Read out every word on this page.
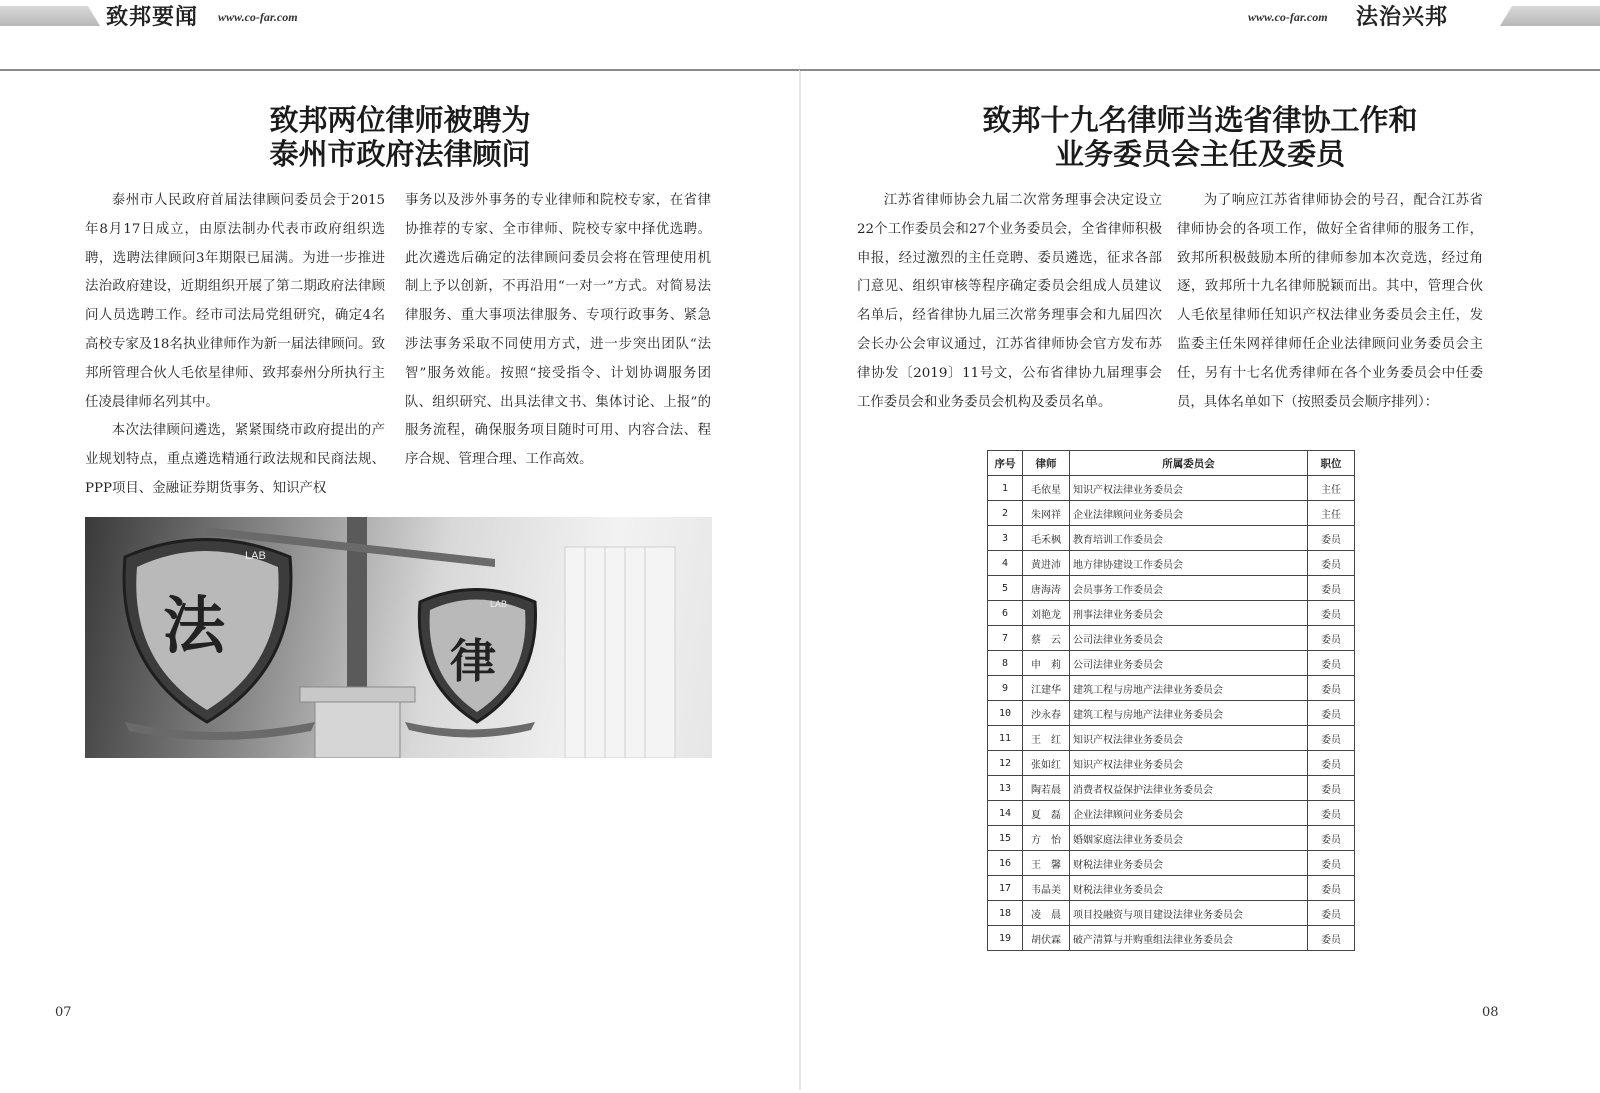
致邦要闻 www.co-far.com
致邦两位律师被聘为
泰州市政府法律顾问

泰州市人民政府首届法律顾问委员会于2015年8月17日成立，由原法制办代表市政府组织选聘，选聘法律顾问3年期限已届满。为进一步推进法治政府建设，近期组织开展了第二期政府法律顾问人员选聘工作。经市司法局党组研究，确定4名高校专家及18名执业律师作为新一届法律顾问。致邦所管理合伙人毛依星律师、致邦泰州分所执行主任凌晨律师名列其中。

本次法律顾问遴选，紧紧围绕市政府提出的产业规划特点，重点遴选精通行政法规和民商法规、PPP项目、金融证券期货事务、知识产权

事务以及涉外事务的专业律师和院校专家，在省律协推荐的专家、全市律师、院校专家中择优选聘。此次遴选后确定的法律顾问委员会将在管理使用机制上予以创新，不再沿用“一对一”方式。对简易法律服务、重大事项法律服务、专项行政事务、紧急涉法事务采取不同使用方式，进一步突出团队“法智”服务效能。按照“接受指令、计划协调服务团队、组织研究、出具法律文书、集体讨论、上报”的服务流程，确保服务项目随时可用、内容合法、程序合规、管理合理、工作高效。

LAB
法	LAB
律
07
www.co-far.com 法治兴邦
致邦十九名律师当选省律协工作和
业务委员会主任及委员

江苏省律师协会九届二次常务理事会决定设立22个工作委员会和27个业务委员会，全省律师积极申报，经过激烈的主任竞聘、委员遴选，征求各部门意见、组织审核等程序确定委员会组成人员建议名单后，经省律协九届三次常务理事会和九届四次会长办公会审议通过，江苏省律师协会官方发布苏律协发〔2019〕11号文，公布省律协九届理事会工作委员会和业务委员会机构及委员名单。

为了响应江苏省律师协会的号召，配合江苏省律师协会的各项工作，做好全省律师的服务工作，致邦所积极鼓励本所的律师参加本次竞选，经过角逐，致邦所十九名律师脱颖而出。其中，管理合伙人毛依星律师任知识产权法律业务委员会主任，发监委主任朱网祥律师任企业法律顾问业务委员会主任，另有十七名优秀律师在各个业务委员会中任委员，具体名单如下（按照委员会顺序排列）：

序号	律师	所属委员会	职位
1	毛依星	知识产权法律业务委员会	主任
2	朱网祥	企业法律顾问业务委员会	主任
3	毛禾枫	教育培训工作委员会	委员
4	黄进沛	地方律协建设工作委员会	委员
5	唐海涛	会员事务工作委员会	委员
6	刘艳龙	刑事法律业务委员会	委员
7	蔡　云	公司法律业务委员会	委员
8	申　莉	公司法律业务委员会	委员
9	江建华	建筑工程与房地产法律业务委员会	委员
10	沙永春	建筑工程与房地产法律业务委员会	委员
11	王　红	知识产权法律业务委员会	委员
12	张如红	知识产权法律业务委员会	委员
13	陶若晨	消费者权益保护法律业务委员会	委员
14	夏　磊	企业法律顾问业务委员会	委员
15	方　怡	婚姻家庭法律业务委员会	委员
16	王　馨	财税法律业务委员会	委员
17	韦晶美	财税法律业务委员会	委员
18	凌　晨	项目投融资与项目建设法律业务委员会	委员
19	胡伏霖	破产清算与并购重组法律业务委员会	委员
08
